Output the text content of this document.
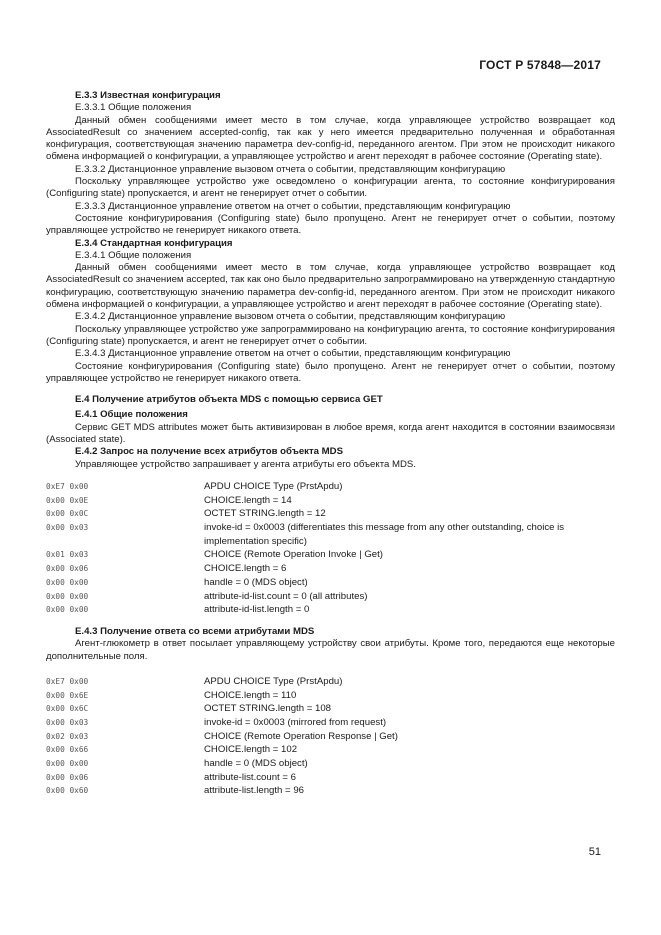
ГОСТ Р 57848—2017

Е.3.3 Известная конфигурация

Е.3.3.1 Общие положения

Данный обмен сообщениями имеет место в том случае, когда управляющее устройство возвращает код AssociatedResult со значением accepted-config, так как у него имеется предварительно полученная и обработанная конфигурация, соответствующая значению параметра dev-config-id, переданного агентом. При этом не происходит никакого обмена информацией о конфигурации, а управляющее устройство и агент переходят в рабочее состояние (Operating state).

Е.3.3.2 Дистанционное управление вызовом отчета о событии, представляющим конфигурацию

Поскольку управляющее устройство уже осведомлено о конфигурации агента, то состояние конфигурирования (Configuring state) пропускается, и агент не генерирует отчет о событии.

Е.3.3.3 Дистанционное управление ответом на отчет о событии, представляющим конфигурацию

Состояние конфигурирования (Configuring state) было пропущено. Агент не генерирует отчет о событии, поэтому управляющее устройство не генерирует никакого ответа.

Е.3.4 Стандартная конфигурация

Е.3.4.1 Общие положения

Данный обмен сообщениями имеет место в том случае, когда управляющее устройство возвращает код AssociatedResult со значением accepted, так как оно было предварительно запрограммировано на утвержденную стандартную конфигурацию, соответствующую значению параметра dev-config-id, переданного агентом. При этом не происходит никакого обмена информацией о конфигурации, а управляющее устройство и агент переходят в рабочее состояние (Operating state).

Е.3.4.2 Дистанционное управление вызовом отчета о событии, представляющим конфигурацию

Поскольку управляющее устройство уже запрограммировано на конфигурацию агента, то состояние конфигурирования (Configuring state) пропускается, и агент не генерирует отчет о событии.

Е.3.4.3 Дистанционное управление ответом на отчет о событии, представляющим конфигурацию

Состояние конфигурирования (Configuring state) было пропущено. Агент не генерирует отчет о событии, поэтому управляющее устройство не генерирует никакого ответа.

Е.4 Получение атрибутов объекта MDS с помощью сервиса GET

Е.4.1 Общие положения

Сервис GET MDS attributes может быть активизирован в любое время, когда агент находится в состоянии взаимосвязи (Associated state).

Е.4.2 Запрос на получение всех атрибутов объекта MDS

Управляющее устройство запрашивает у агента атрибуты его объекта MDS.

0xE7 0x00	APDU CHOICE Type (PrstApdu)
0x00 0x0E	CHOICE.length = 14
0x00 0x0C	OCTET STRING.length = 12
0x00 0x03	invoke-id = 0x0003 (differentiates this message from any other outstanding, choice is implementation specific)
0x01 0x03	CHOICE (Remote Operation Invoke | Get)
0x00 0x06	CHOICE.length = 6
0x00 0x00	handle = 0 (MDS object)
0x00 0x00	attribute-id-list.count = 0 (all attributes)
0x00 0x00	attribute-id-list.length = 0

Е.4.3 Получение ответа со всеми атрибутами MDS

Агент-глюкометр в ответ посылает управляющему устройству свои атрибуты. Кроме того, передаются еще некоторые дополнительные поля.

0xE7 0x00	APDU CHOICE Type (PrstApdu)
0x00 0x6E	CHOICE.length = 110
0x00 0x6C	OCTET STRING.length = 108
0x00 0x03	invoke-id = 0x0003 (mirrored from request)
0x02 0x03	CHOICE (Remote Operation Response | Get)
0x00 0x66	CHOICE.length = 102
0x00 0x00	handle = 0 (MDS object)
0x00 0x06	attribute-list.count = 6
0x00 0x60	attribute-list.length = 96
51
